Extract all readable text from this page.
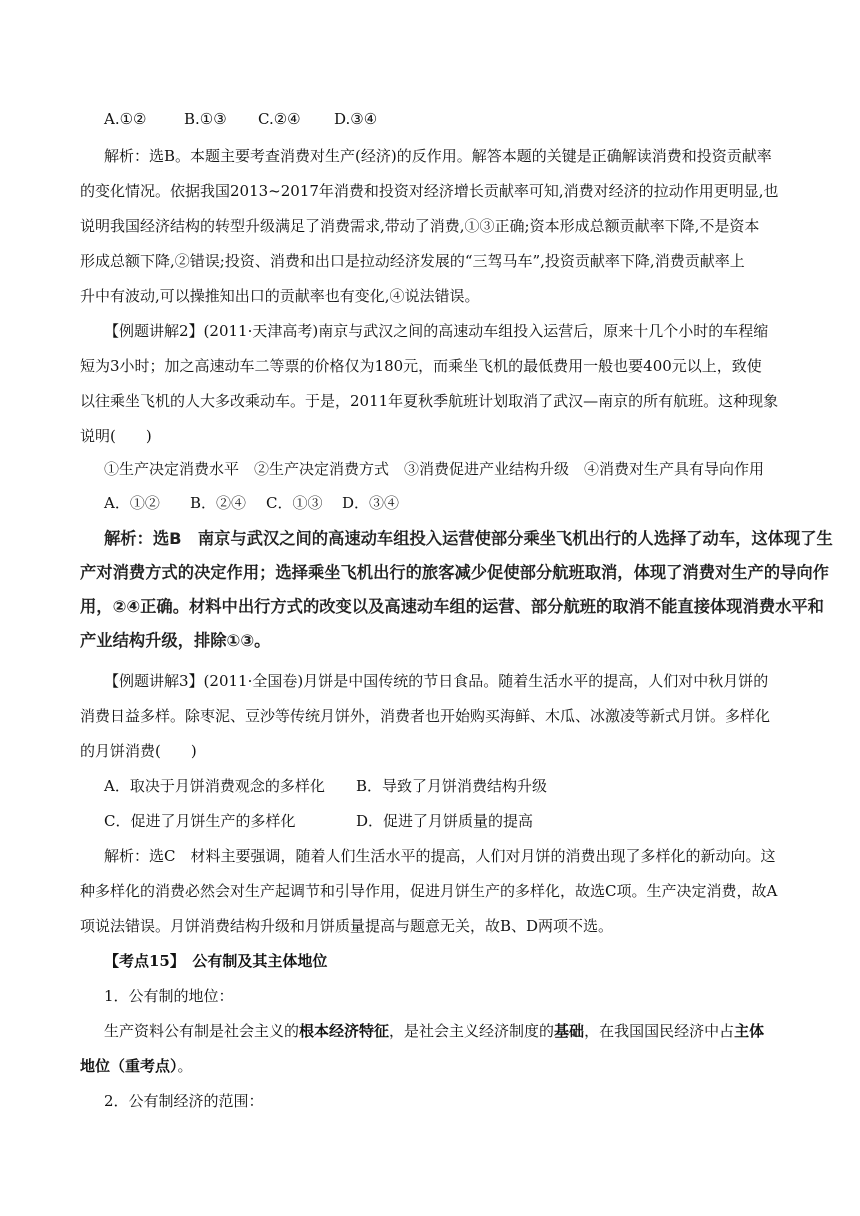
A.①②	B.①③ C.②④ D.③④
解析：选B。本题主要考查消费对生产(经济)的反作用。解答本题的关键是正确解读消费和投资贡献率
的变化情况。依据我国2013~2017年消费和投资对经济增长贡献率可知,消费对经济的拉动作用更明显,也
说明我国经济结构的转型升级满足了消费需求,带动了消费,①③正确;资本形成总额贡献率下降,不是资本
形成总额下降,②错误;投资、消费和出口是拉动经济发展的“三驾马车”,投资贡献率下降,消费贡献率上
升中有波动,可以操推知出口的贡献率也有变化,④说法错误。
【例题讲解2】(2011·天津高考)南京与武汉之间的高速动车组投入运营后，原来十几个小时的车程缩
短为3小时；加之高速动车二等票的价格仅为180元，而乘坐飞机的最低费用一般也要400元以上，致使
以往乘坐飞机的人大多改乘动车。于是，2011年夏秋季航班计划取消了武汉—南京的所有航班。这种现象
说明(　　)
①生产决定消费水平　②生产决定消费方式　③消费促进产业结构升级　④消费对生产具有导向作用
A．①② B．②④ C．①③ D．③④
解析：选B　南京与武汉之间的高速动车组投入运营使部分乘坐飞机出行的人选择了动车，这体现了生
产对消费方式的决定作用；选择乘坐飞机出行的旅客减少促使部分航班取消，体现了消费对生产的导向作
用，②④正确。材料中出行方式的改变以及高速动车组的运营、部分航班的取消不能直接体现消费水平和
产业结构升级，排除①③。
【例题讲解3】(2011·全国卷)月饼是中国传统的节日食品。随着生活水平的提高，人们对中秋月饼的
消费日益多样。除枣泥、豆沙等传统月饼外，消费者也开始购买海鲜、木瓜、冰激凌等新式月饼。多样化
的月饼消费(　　)
A．取决于月饼消费观念的多样化 B．导致了月饼消费结构升级
C．促进了月饼生产的多样化	D．促进了月饼质量的提高
解析：选C　材料主要强调，随着人们生活水平的提高，人们对月饼的消费出现了多样化的新动向。这
种多样化的消费必然会对生产起调节和引导作用，促进月饼生产的多样化，故选C项。生产决定消费，故A
项说法错误。月饼消费结构升级和月饼质量提高与题意无关，故B、D两项不选。
【考点15】　公有制及其主体地位
1．公有制的地位：
生产资料公有制是社会主义的根本经济特征，是社会主义经济制度的基础，在我国国民经济中占主体
地位（重考点）。
2．公有制经济的范围：
